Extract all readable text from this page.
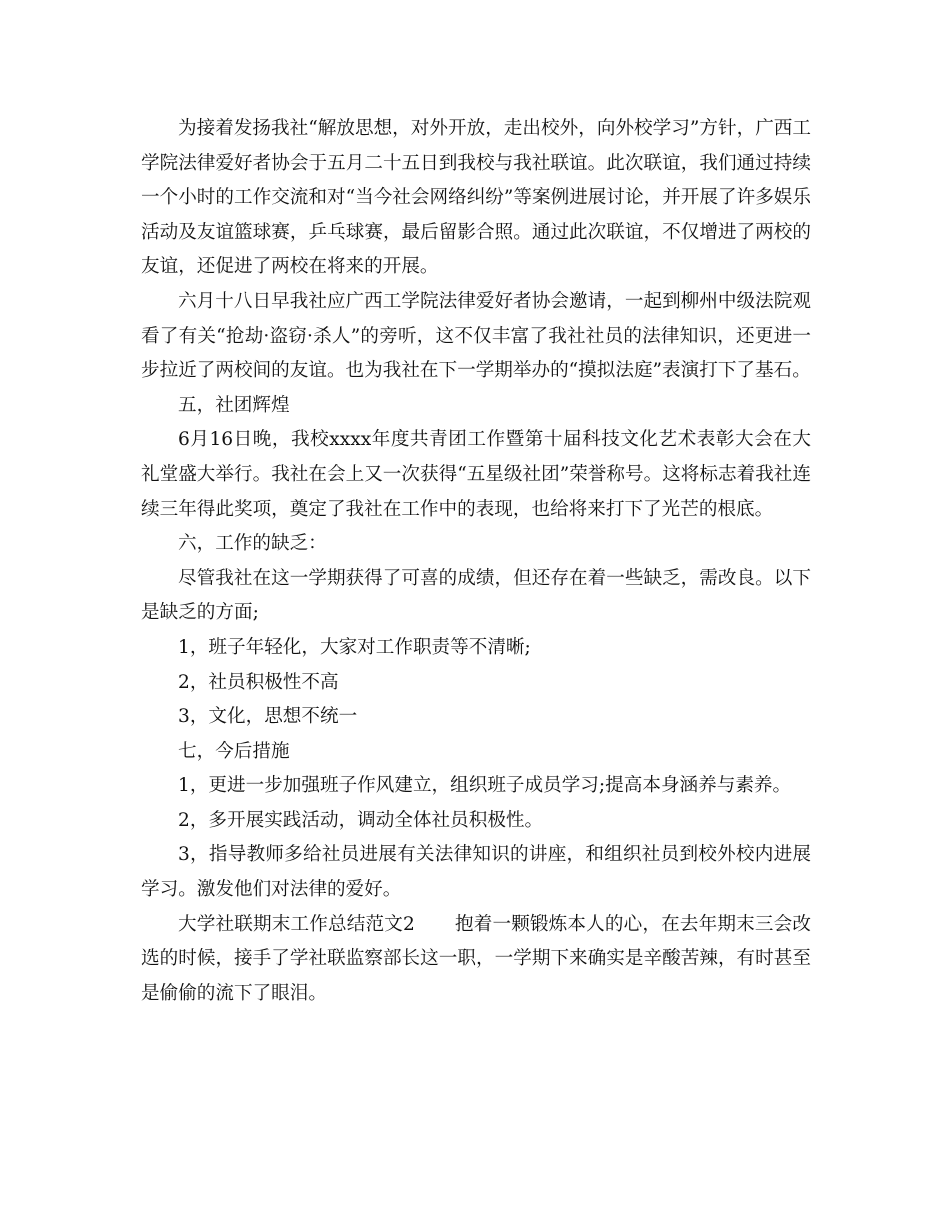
为接着发扬我社“解放思想，对外开放，走出校外，向外校学习”方针，广西工学院法律爱好者协会于五月二十五日到我校与我社联谊。此次联谊，我们通过持续一个小时的工作交流和对“当今社会网络纠纷”等案例进展讨论，并开展了许多娱乐活动及友谊篮球赛，乒乓球赛，最后留影合照。通过此次联谊，不仅增进了两校的友谊，还促进了两校在将来的开展。

六月十八日早我社应广西工学院法律爱好者协会邀请，一起到柳州中级法院观看了有关“抢劫·盗窃·杀人”的旁听，这不仅丰富了我社社员的法律知识，还更进一步拉近了两校间的友谊。也为我社在下一学期举办的“摸拟法庭”表演打下了基石。

五，社团辉煌

6月16日晚，我校xxxx年度共青团工作暨第十届科技文化艺术表彰大会在大礼堂盛大举行。我社在会上又一次获得“五星级社团”荣誉称号。这将标志着我社连续三年得此奖项，奠定了我社在工作中的表现，也给将来打下了光芒的根底。

六，工作的缺乏：

尽管我社在这一学期获得了可喜的成绩，但还存在着一些缺乏，需改良。以下是缺乏的方面;

1，班子年轻化，大家对工作职责等不清晰;

2，社员积极性不高

3，文化，思想不统一

七，今后措施

1，更进一步加强班子作风建立，组织班子成员学习;提高本身涵养与素养。

2，多开展实践活动，调动全体社员积极性。

3，指导教师多给社员进展有关法律知识的讲座，和组织社员到校外校内进展学习。激发他们对法律的爱好。

大学社联期末工作总结范文2 抱着一颗锻炼本人的心，在去年期末三会改选的时候，接手了学社联监察部长这一职，一学期下来确实是辛酸苦辣，有时甚至是偷偷的流下了眼泪。
